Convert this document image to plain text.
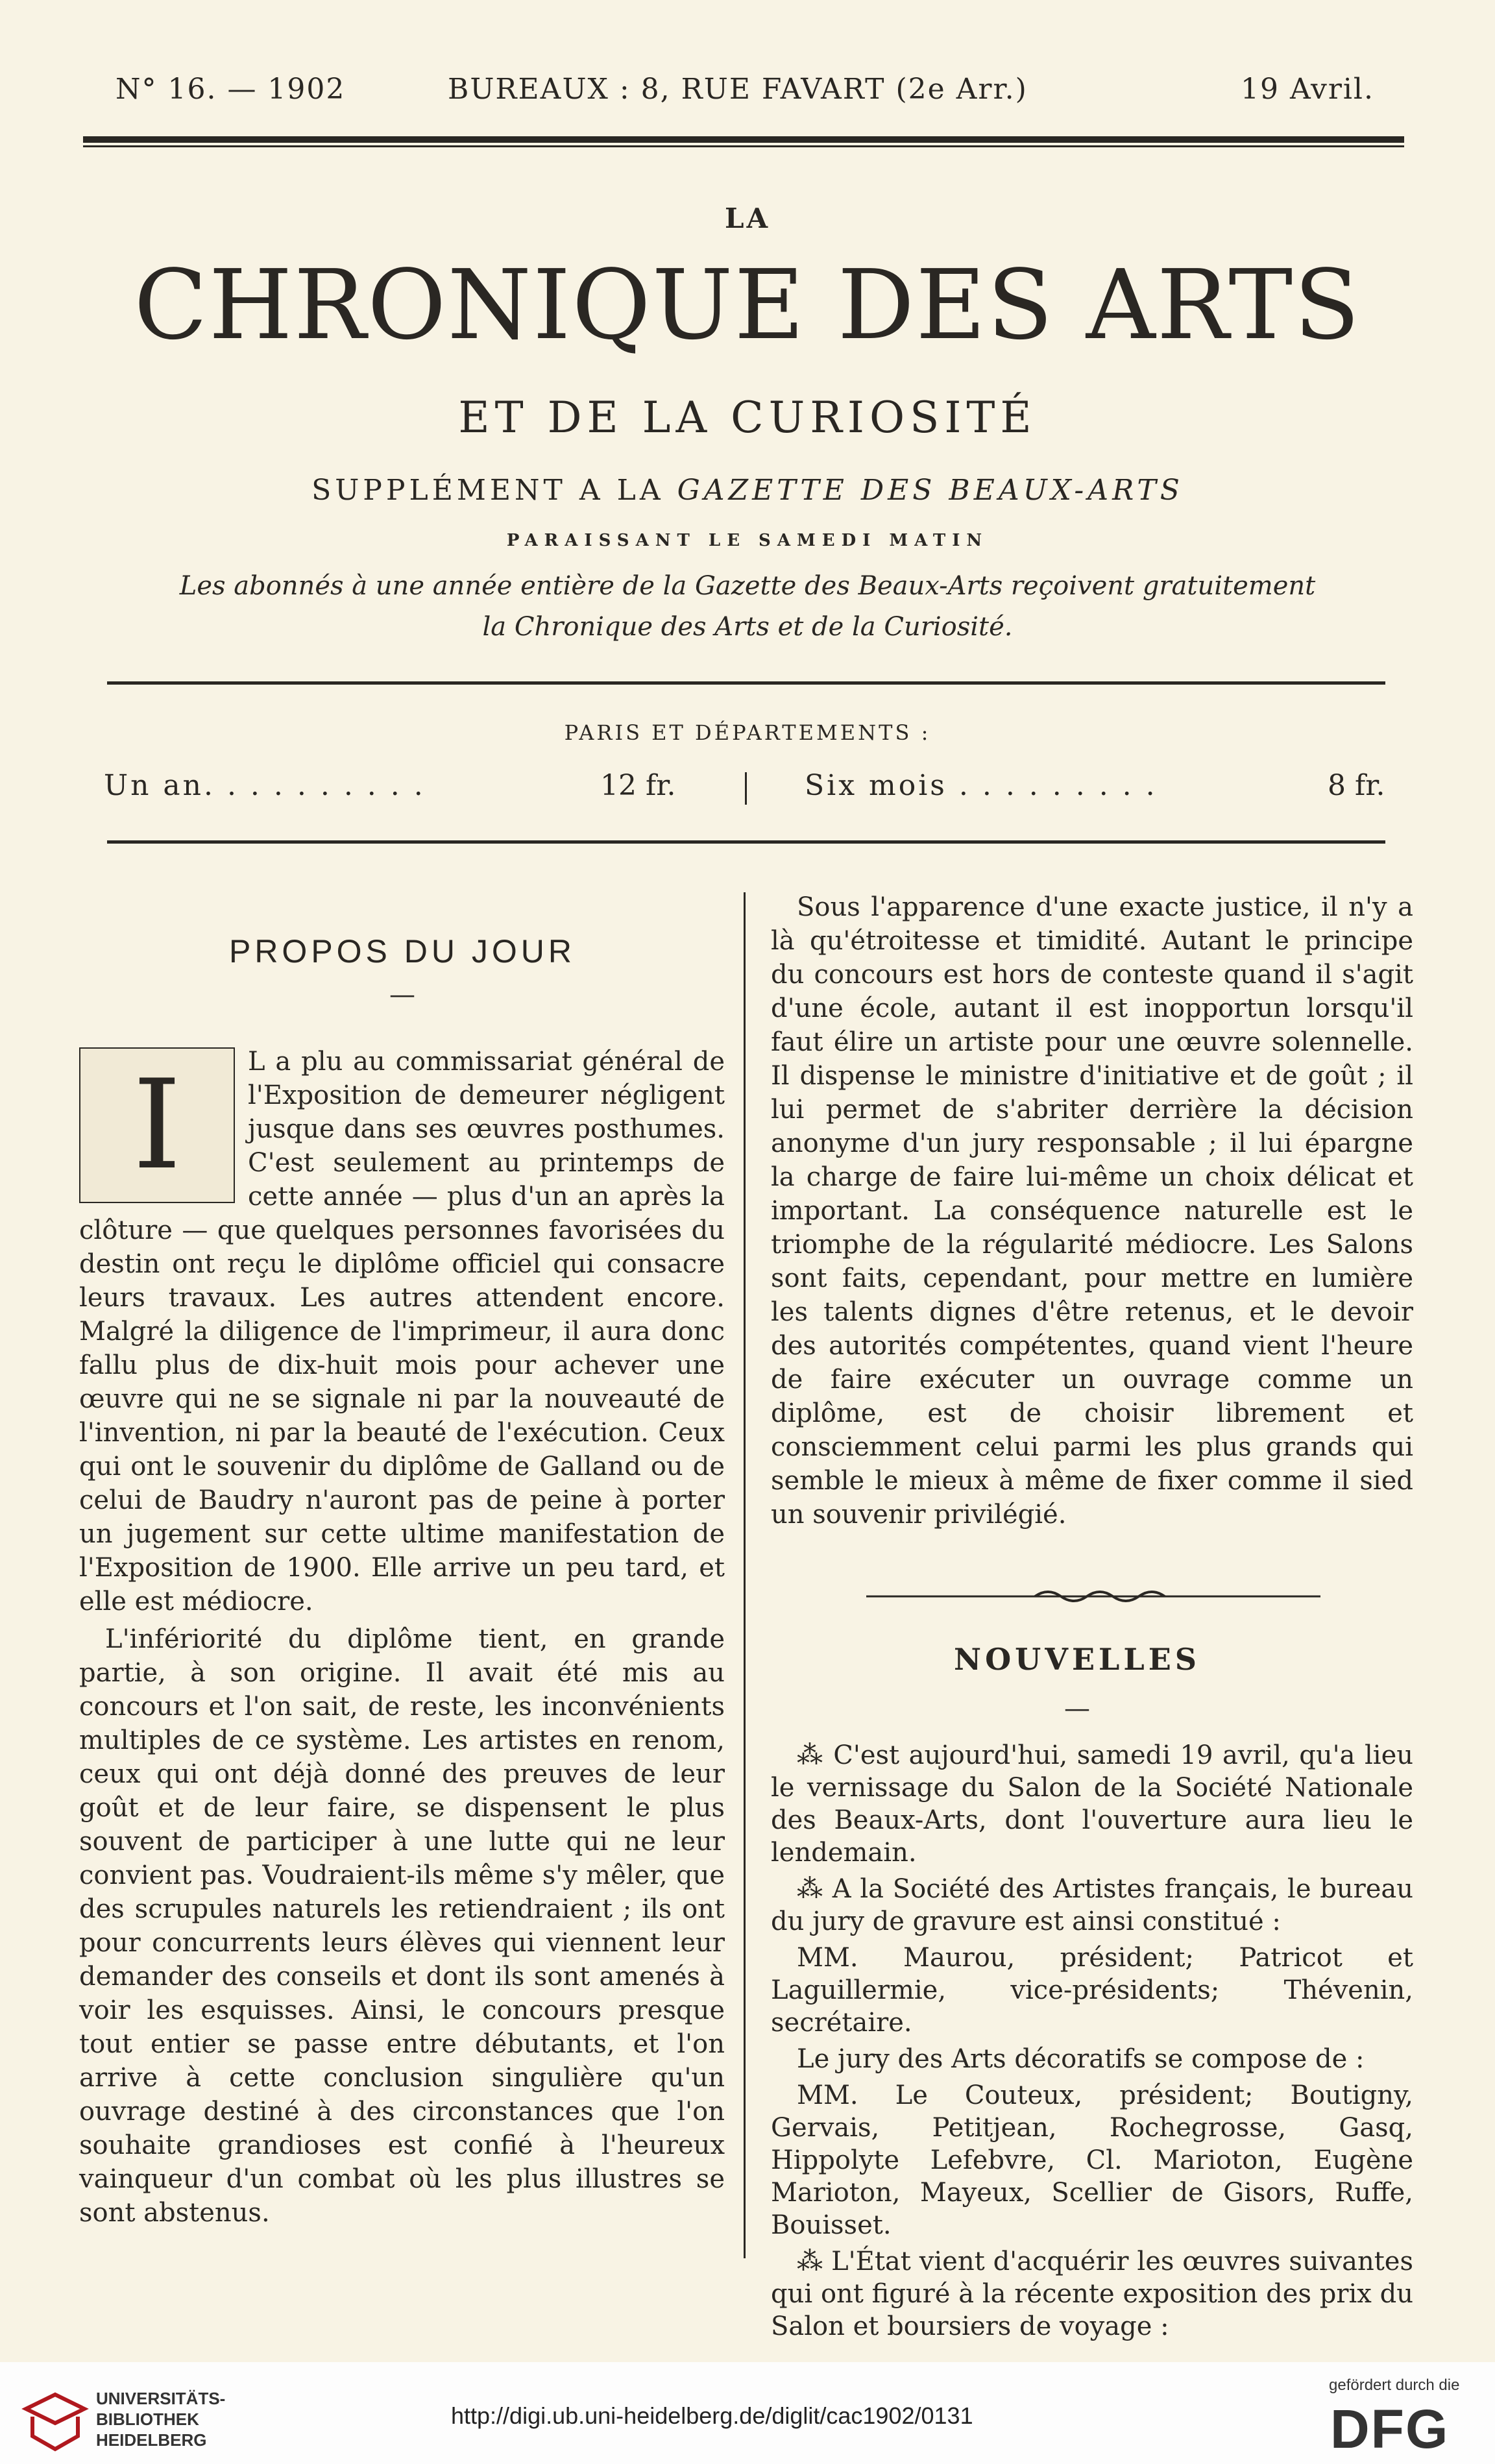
N° 16. — 1902	BUREAUX : 8, RUE FAVART (2e Arr.)	19 Avril.
LA
CHRONIQUE DES ARTS
ET DE LA CURIOSITÉ
SUPPLÉMENT A LA GAZETTE DES BEAUX-ARTS
PARAISSANT LE SAMEDI MATIN
Les abonnés à une année entière de la Gazette des Beaux-Arts reçoivent gratuitement
la Chronique des Arts et de la Curiosité.
PARIS ET DÉPARTEMENTS :
Un an. . . . . . . . . .	12 fr.	Six mois . . . . . . . . .	8 fr.
PROPOS DU JOUR
—
I	L a plu au commissariat général de l'Exposition de demeurer négligent jusque dans ses œuvres posthumes. C'est seulement au printemps de cette année — plus d'un an après la clôture — que quelques personnes favorisées du destin ont reçu le diplôme officiel qui consacre leurs travaux. Les autres attendent encore. Malgré la diligence de l'imprimeur, il aura donc fallu plus de dix-huit mois pour achever une œuvre qui ne se signale ni par la nouveauté de l'invention, ni par la beauté de l'exécution. Ceux qui ont le souvenir du diplôme de Galland ou de celui de Baudry n'auront pas de peine à porter un jugement sur cette ultime manifestation de l'Exposition de 1900. Elle arrive un peu tard, et elle est médiocre.

L'infériorité du diplôme tient, en grande partie, à son origine. Il avait été mis au concours et l'on sait, de reste, les inconvénients multiples de ce système. Les artistes en renom, ceux qui ont déjà donné des preuves de leur goût et de leur faire, se dispensent le plus souvent de participer à une lutte qui ne leur convient pas. Voudraient-ils même s'y mêler, que des scrupules naturels les retiendraient ; ils ont pour concurrents leurs élèves qui viennent leur demander des conseils et dont ils sont amenés à voir les esquisses. Ainsi, le concours presque tout entier se passe entre débutants, et l'on arrive à cette conclusion singulière qu'un ouvrage destiné à des circonstances que l'on souhaite grandioses est confié à l'heureux vainqueur d'un combat où les plus illustres se sont abstenus.

Sous l'apparence d'une exacte justice, il n'y a là qu'étroitesse et timidité. Autant le principe du concours est hors de conteste quand il s'agit d'une école, autant il est inopportun lorsqu'il faut élire un artiste pour une œuvre solennelle. Il dispense le ministre d'initiative et de goût ; il lui permet de s'abriter derrière la décision anonyme d'un jury responsable ; il lui épargne la charge de faire lui-même un choix délicat et important. La conséquence naturelle est le triomphe de la régularité médiocre. Les Salons sont faits, cependant, pour mettre en lumière les talents dignes d'être retenus, et le devoir des autorités compétentes, quand vient l'heure de faire exécuter un ouvrage comme un diplôme, est de choisir librement et consciemment celui parmi les plus grands qui semble le mieux à même de fixer comme il sied un souvenir privilégié.

NOUVELLES
—

⁂ C'est aujourd'hui, samedi 19 avril, qu'a lieu le vernissage du Salon de la Société Nationale des Beaux-Arts, dont l'ouverture aura lieu le lendemain.

⁂ A la Société des Artistes français, le bureau du jury de gravure est ainsi constitué :

MM. Maurou, président; Patricot et Laguillermie, vice-présidents; Thévenin, secrétaire.

Le jury des Arts décoratifs se compose de :

MM. Le Couteux, président; Boutigny, Gervais, Petitjean, Rochegrosse, Gasq, Hippolyte Lefebvre, Cl. Marioton, Eugène Marioton, Mayeux, Scellier de Gisors, Ruffe, Bouisset.

⁂ L'État vient d'acquérir les œuvres suivantes qui ont figuré à la récente exposition des prix du Salon et boursiers de voyage :

UNIVERSITÄTS-
BIBLIOTHEK
HEIDELBERG
http://digi.ub.uni-heidelberg.de/diglit/cac1902/0131
gefördert durch die
DFG
